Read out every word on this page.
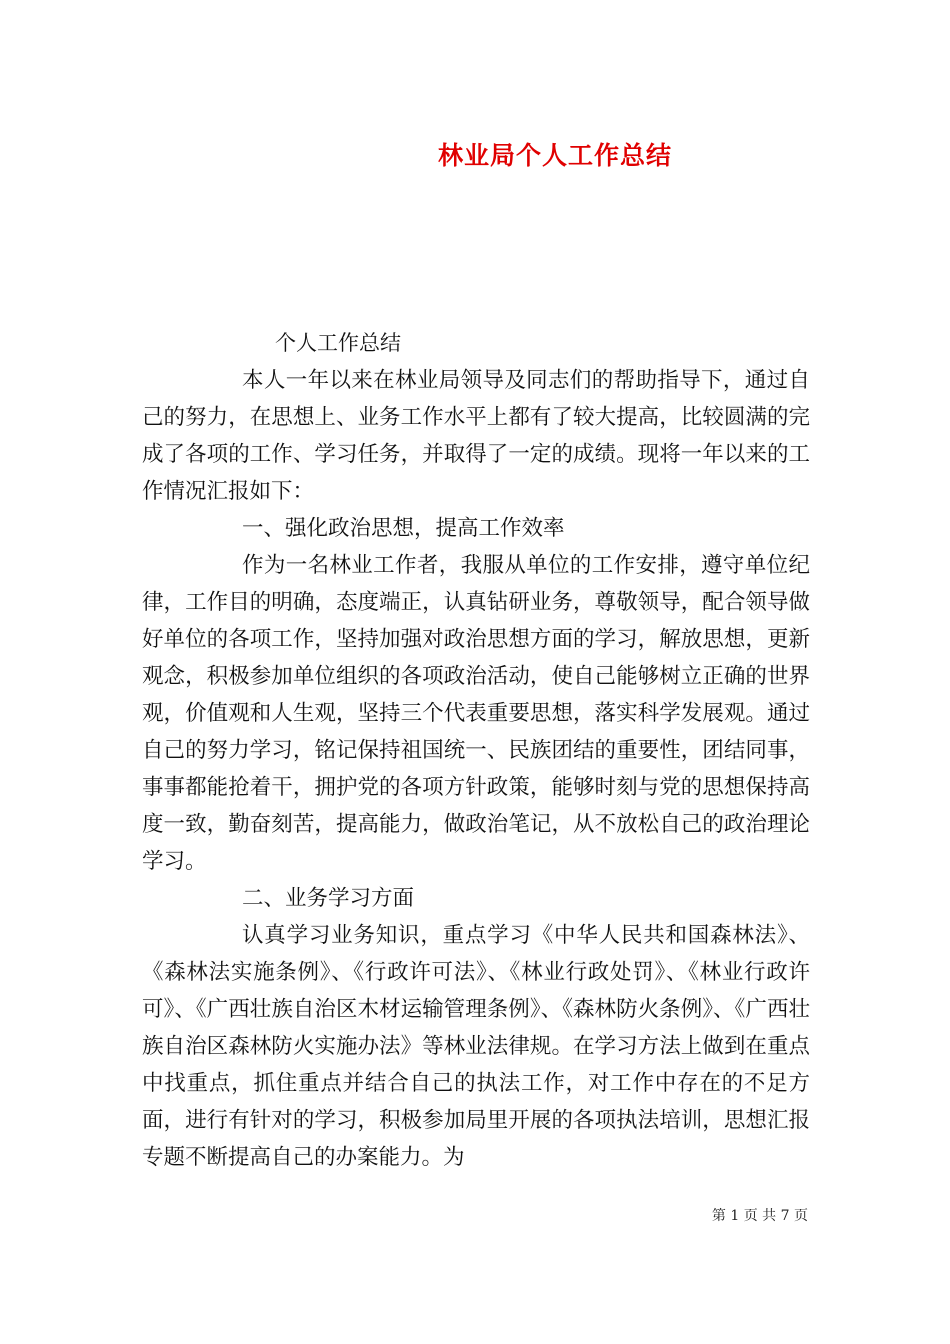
林业局个人工作总结

个人工作总结

本人一年以来在林业局领导及同志们的帮助指导下，通过自己的努力，在思想上、业务工作水平上都有了较大提高，比较圆满的完成了各项的工作、学习任务，并取得了一定的成绩。现将一年以来的工作情况汇报如下：

一、强化政治思想，提高工作效率

作为一名林业工作者，我服从单位的工作安排，遵守单位纪律，工作目的明确，态度端正，认真钻研业务，尊敬领导，配合领导做好单位的各项工作，坚持加强对政治思想方面的学习，解放思想，更新观念，积极参加单位组织的各项政治活动，使自己能够树立正确的世界观，价值观和人生观，坚持三个代表重要思想，落实科学发展观。通过自己的努力学习，铭记保持祖国统一、民族团结的重要性，团结同事，事事都能抢着干，拥护党的各项方针政策，能够时刻与党的思想保持高度一致，勤奋刻苦，提高能力，做政治笔记，从不放松自己的政治理论学习。

二、业务学习方面

认真学习业务知识，重点学习《中华人民共和国森林法》、《森林法实施条例》、《行政许可法》、《林业行政处罚》、《林业行政许可》、《广西壮族自治区木材运输管理条例》、《森林防火条例》、《广西壮族自治区森林防火实施办法》等林业法律规。在学习方法上做到在重点中找重点，抓住重点并结合自己的执法工作，对工作中存在的不足方面，进行有针对的学习，积极参加局里开展的各项执法培训，思想汇报专题不断提高自己的办案能力。为

第 1 页 共 7 页
